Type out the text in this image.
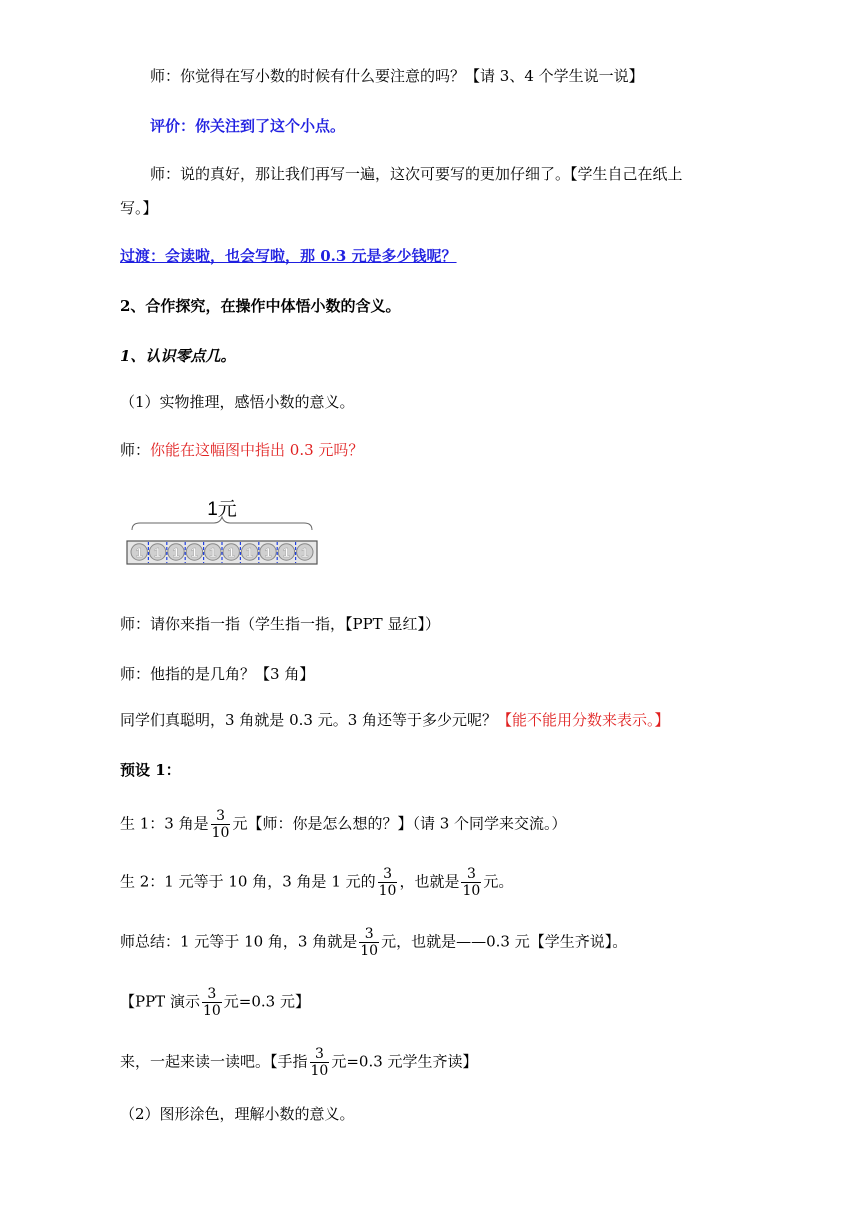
师：你觉得在写小数的时候有什么要注意的吗？【请 3、4 个学生说一说】
评价：你关注到了这个小点。
师：说的真好，那让我们再写一遍，这次可要写的更加仔细了。【学生自己在纸上
写。】
过渡：会读啦，也会写啦，那 0.3 元是多少钱呢？
2、合作探究，在操作中体悟小数的含义。
1、认识零点几。
（1）实物推理，感悟小数的意义。
师：你能在这幅图中指出 0.3 元吗？
1元
1 1 1 1 1 1 1 1 1 1
师：请你来指一指（学生指一指，【PPT 显红】）
师：他指的是几角？【3 角】
同学们真聪明，3 角就是 0.3 元。3 角还等于多少元呢？【能不能用分数来表示。】
预设 1：
生 1：3 角是 $\frac{3}{10}$ 元【师：你是怎么想的？】（请 3 个同学来交流。）
生 2：1 元等于 10 角，3 角是 1 元的 $\frac{3}{10}$ ，也就是 $\frac{3}{10}$ 元。
师总结：1 元等于 10 角，3 角就是 $\frac{3}{10}$ 元，也就是——0.3 元【学生齐说】。
【PPT 演示 $\frac{3}{10}$ 元=0.3 元】
来，一起来读一读吧。【手指 $\frac{3}{10}$ 元=0.3 元学生齐读】
（2）图形涂色，理解小数的意义。
